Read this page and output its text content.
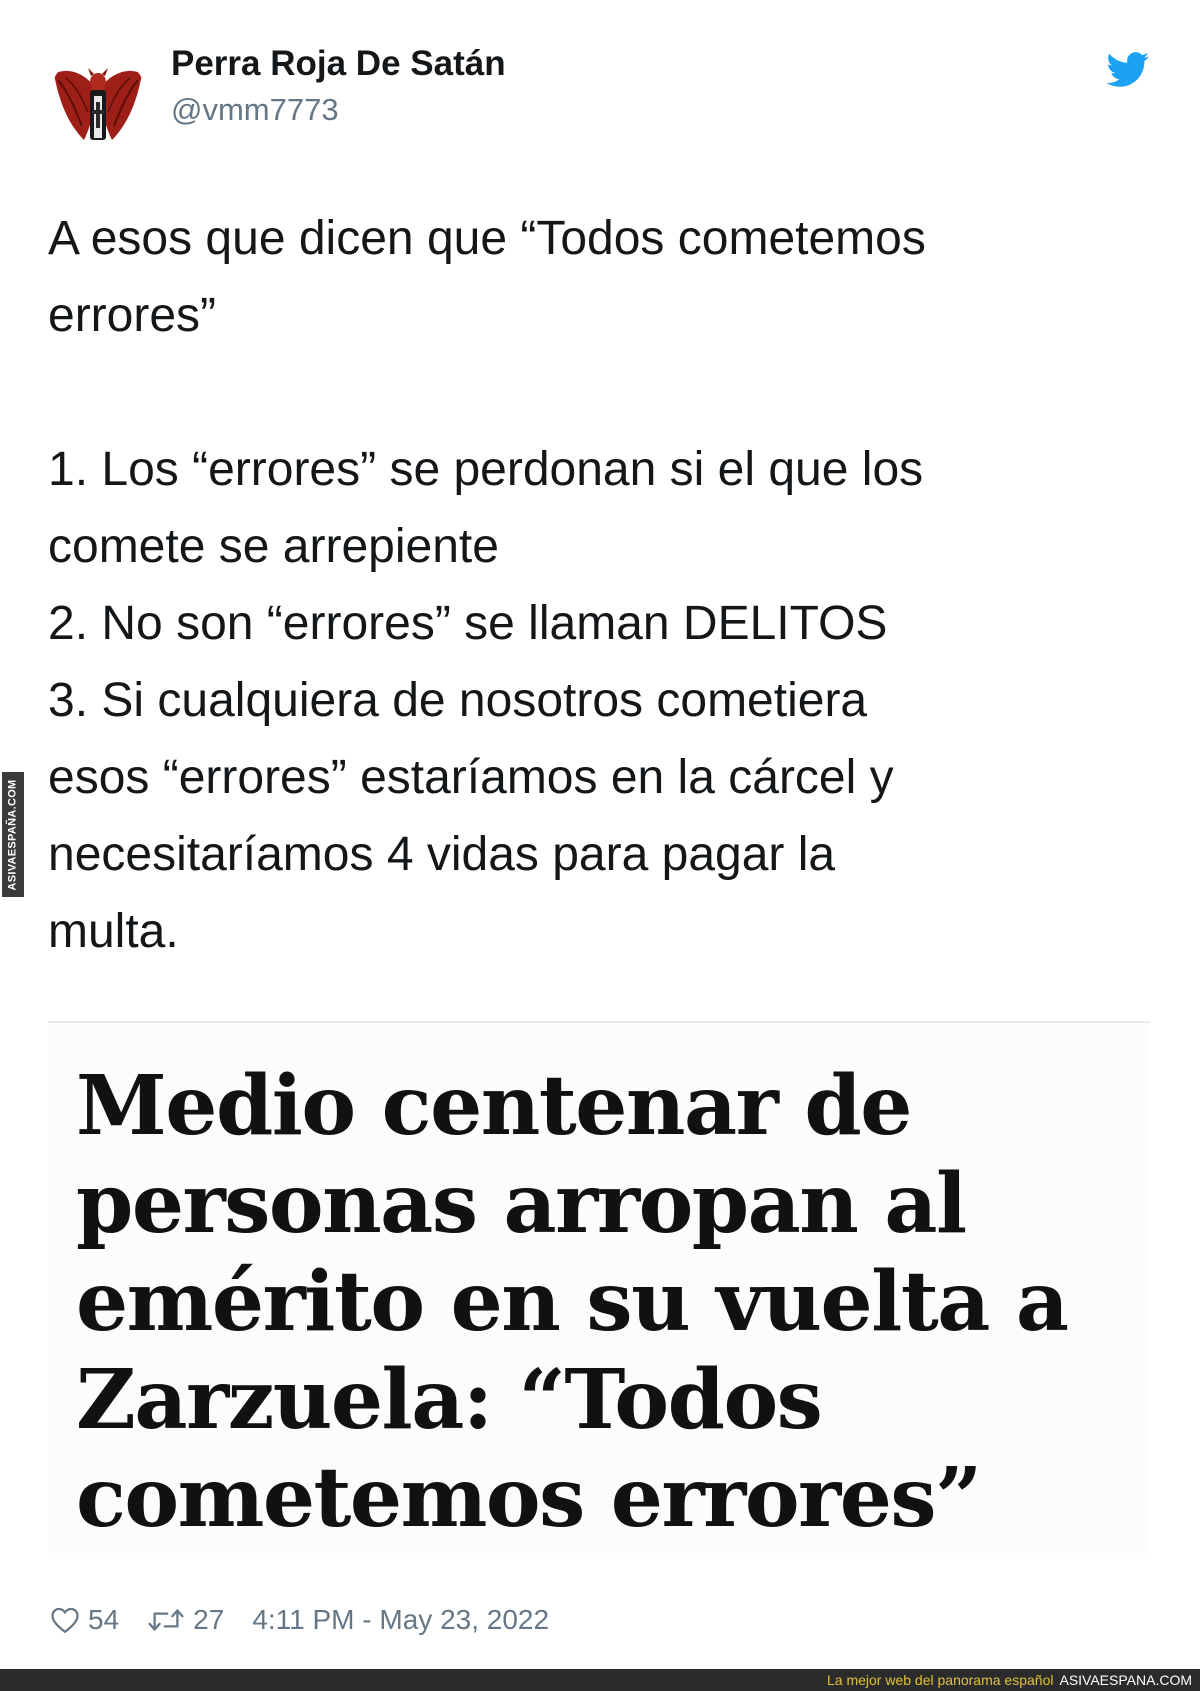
ASIVAESPAÑA.COM
Perra Roja De Satán
@vmm7773

A esos que dicen que “Todos cometemos

errores”

1. Los “errores” se perdonan si el que los

comete se arrepiente

2. No son “errores” se llaman DELITOS

3. Si cualquiera de nosotros cometiera

esos “errores” estaríamos en la cárcel y

necesitaríamos 4 vidas para pagar la

multa.

Medio centenar de
personas arropan al
emérito en su vuelta a
Zarzuela: “Todos
cometemos errores”
54	27 4:11 PM - May 23, 2022
La mejor web del panorama español ASIVAESPANA.COM
